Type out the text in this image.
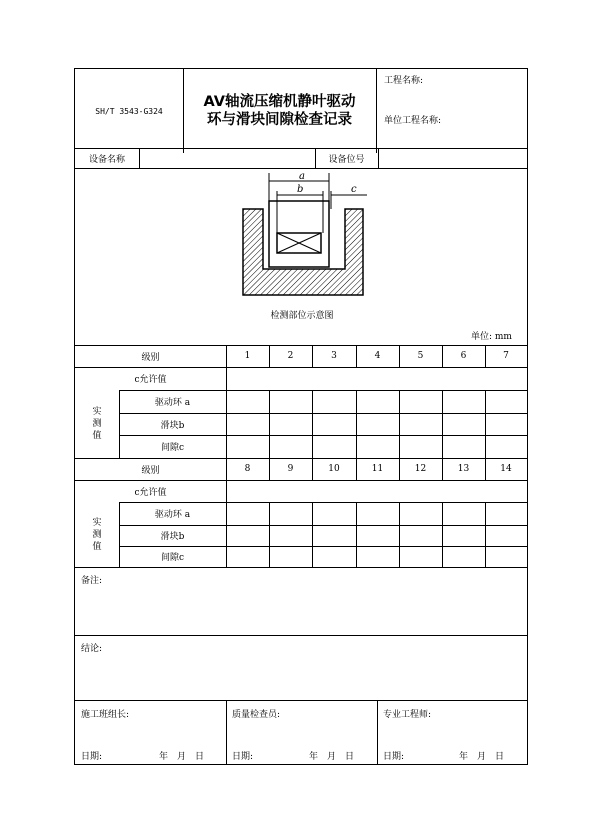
SH/T 3543-G324
AV轴流压缩机静叶驱动
环与滑块间隙检查记录
工程名称:
单位工程名称:
设备名称	设备位号
a
b	c
检测部位示意图
单位: mm
级别	1	2	3	4	5	6	7
c允许值
实测值
驱动环 a
滑块b
间隙c
级别	8	9	10	11	12	13	14
c允许值
实测值
驱动环 a
滑块b
间隙c
备注:
结论:
施工班组长:	质量检查员:	专业工程师:
日期:	年　月　日	日期:	年　月　日	日期:	年　月　日
